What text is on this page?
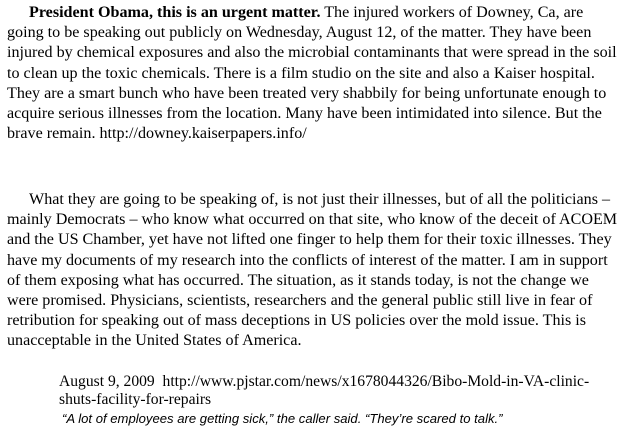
President Obama, this is an urgent matter. The injured workers of Downey, Ca, are going to be speaking out publicly on Wednesday, August 12, of the matter. They have been injured by chemical exposures and also the microbial contaminants that were spread in the soil to clean up the toxic chemicals. There is a film studio on the site and also a Kaiser hospital. They are a smart bunch who have been treated very shabbily for being unfortunate enough to acquire serious illnesses from the location. Many have been intimidated into silence. But the brave remain. http://downey.kaiserpapers.info/

What they are going to be speaking of, is not just their illnesses, but of all the politicians – mainly Democrats – who know what occurred on that site, who know of the deceit of ACOEM and the US Chamber, yet have not lifted one finger to help them for their toxic illnesses. They have my documents of my research into the conflicts of interest of the matter. I am in support of them exposing what has occurred. The situation, as it stands today, is not the change we were promised. Physicians, scientists, researchers and the general public still live in fear of retribution for speaking out of mass deceptions in US policies over the mold issue. This is unacceptable in the United States of America.

August 9, 2009 http://www.pjstar.com/news/x1678044326/Bibo-Mold-in-VA-clinic-shuts-facility-for-repairs

“A lot of employees are getting sick,” the caller said. “They’re scared to talk.”
